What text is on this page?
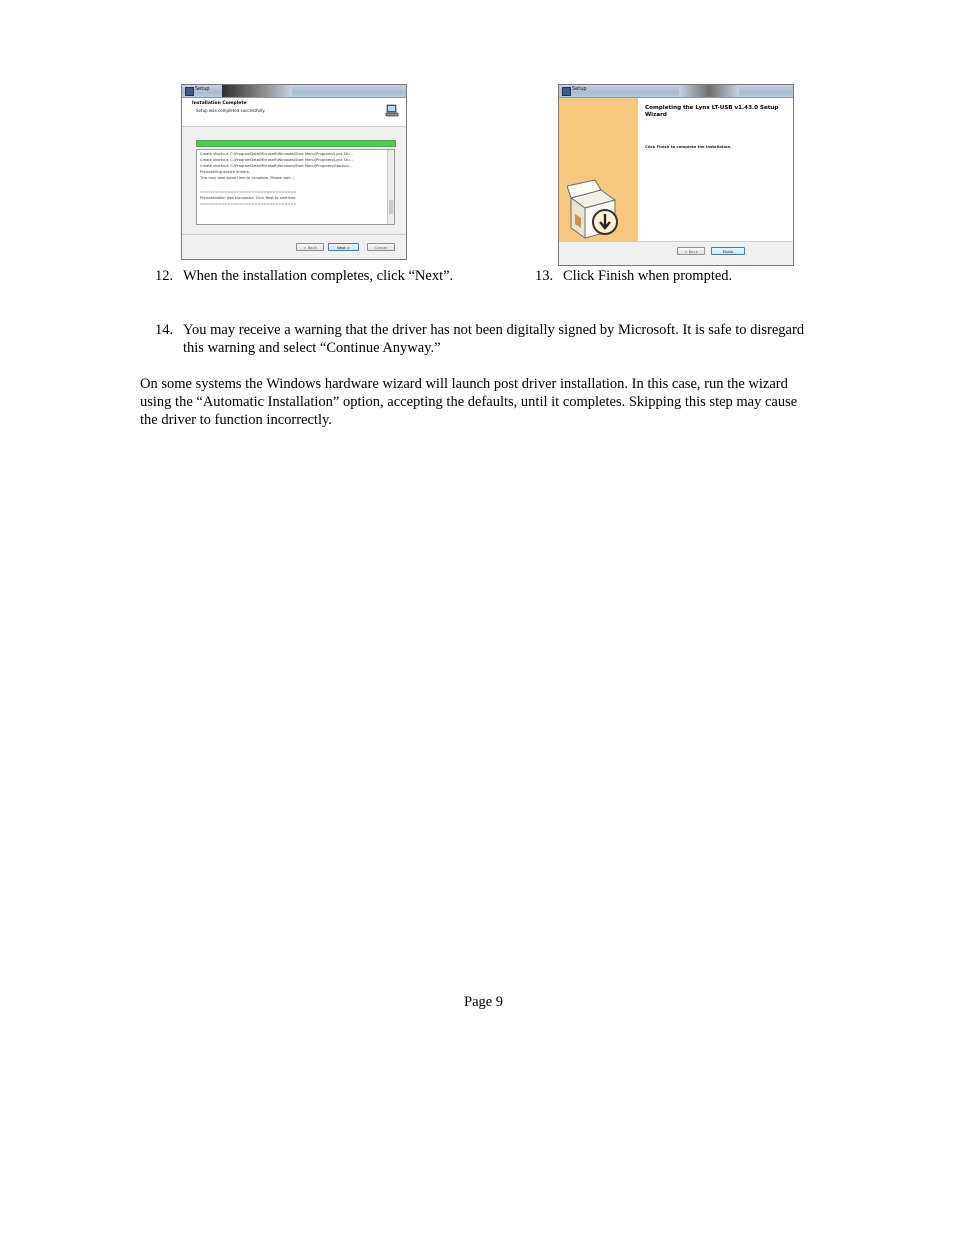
Setup
Installation Complete
Setup was completed successfully.
Create shortcut: C:\ProgramData\Microsoft\Windows\Start Menu\Programs\Lynx Stu...
Create shortcut: C:\ProgramData\Microsoft\Windows\Start Menu\Programs\Lynx Stu...
Create shortcut: C:\ProgramData\Microsoft\Windows\Start Menu\Programs\Startup\...
Preinstalling device drivers.
This may take some time to complete. Please wait ...
================================
Preinstallation was successful. Click Next to continue.
================================
< Back	Next >	Cancel
Setup
Completing the Lynx LT-USB v1.43.0 Setup Wizard
Click Finish to complete the installation.
< Back	Finish
12. When the installation completes, click “Next”.	13. Click Finish when prompted.
14. You may receive a warning that the driver has not been digitally signed by Microsoft. It is safe to disregard
this warning and select “Continue Anyway.”
On some systems the Windows hardware wizard will launch post driver installation. In this case, run the wizard
using the “Automatic Installation” option, accepting the defaults, until it completes. Skipping this step may cause
the driver to function incorrectly.
Page 9
